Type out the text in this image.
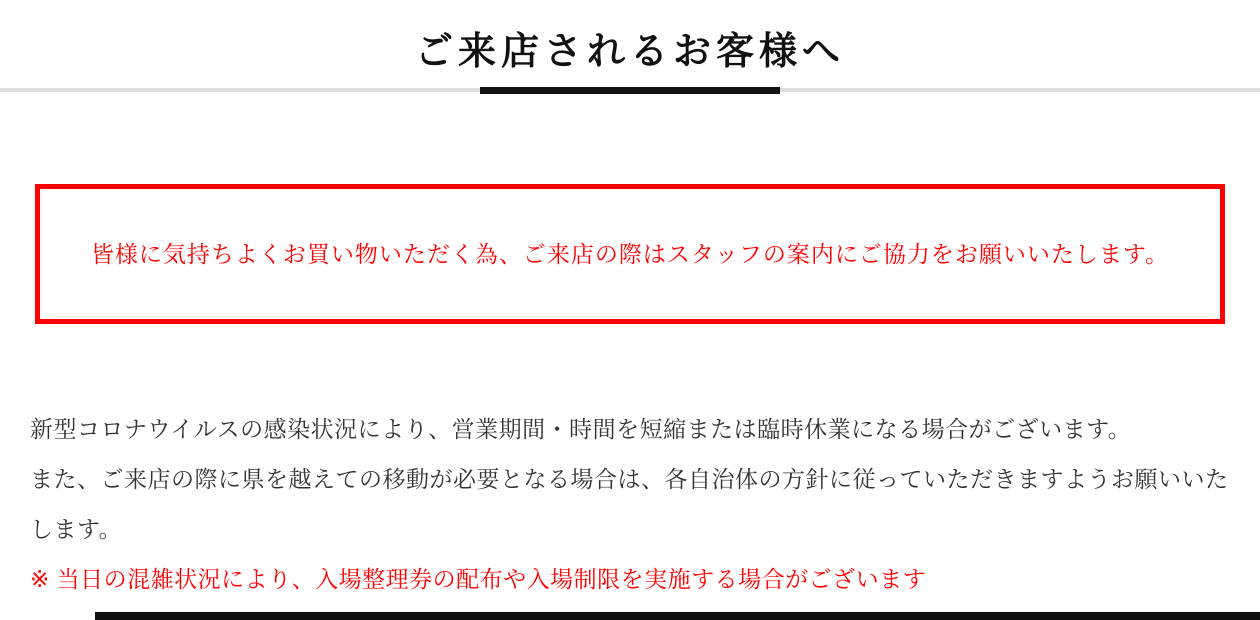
ご来店されるお客様へ
皆様に気持ちよくお買い物いただく為、ご来店の際はスタッフの案内にご協力をお願いいたします。

新型コロナウイルスの感染状況により、営業期間・時間を短縮または臨時休業になる場合がございます。

また、ご来店の際に県を越えての移動が必要となる場合は、各自治体の方針に従っていただきますようお願いいたします。

※ 当日の混雑状況により、入場整理券の配布や入場制限を実施する場合がございます
